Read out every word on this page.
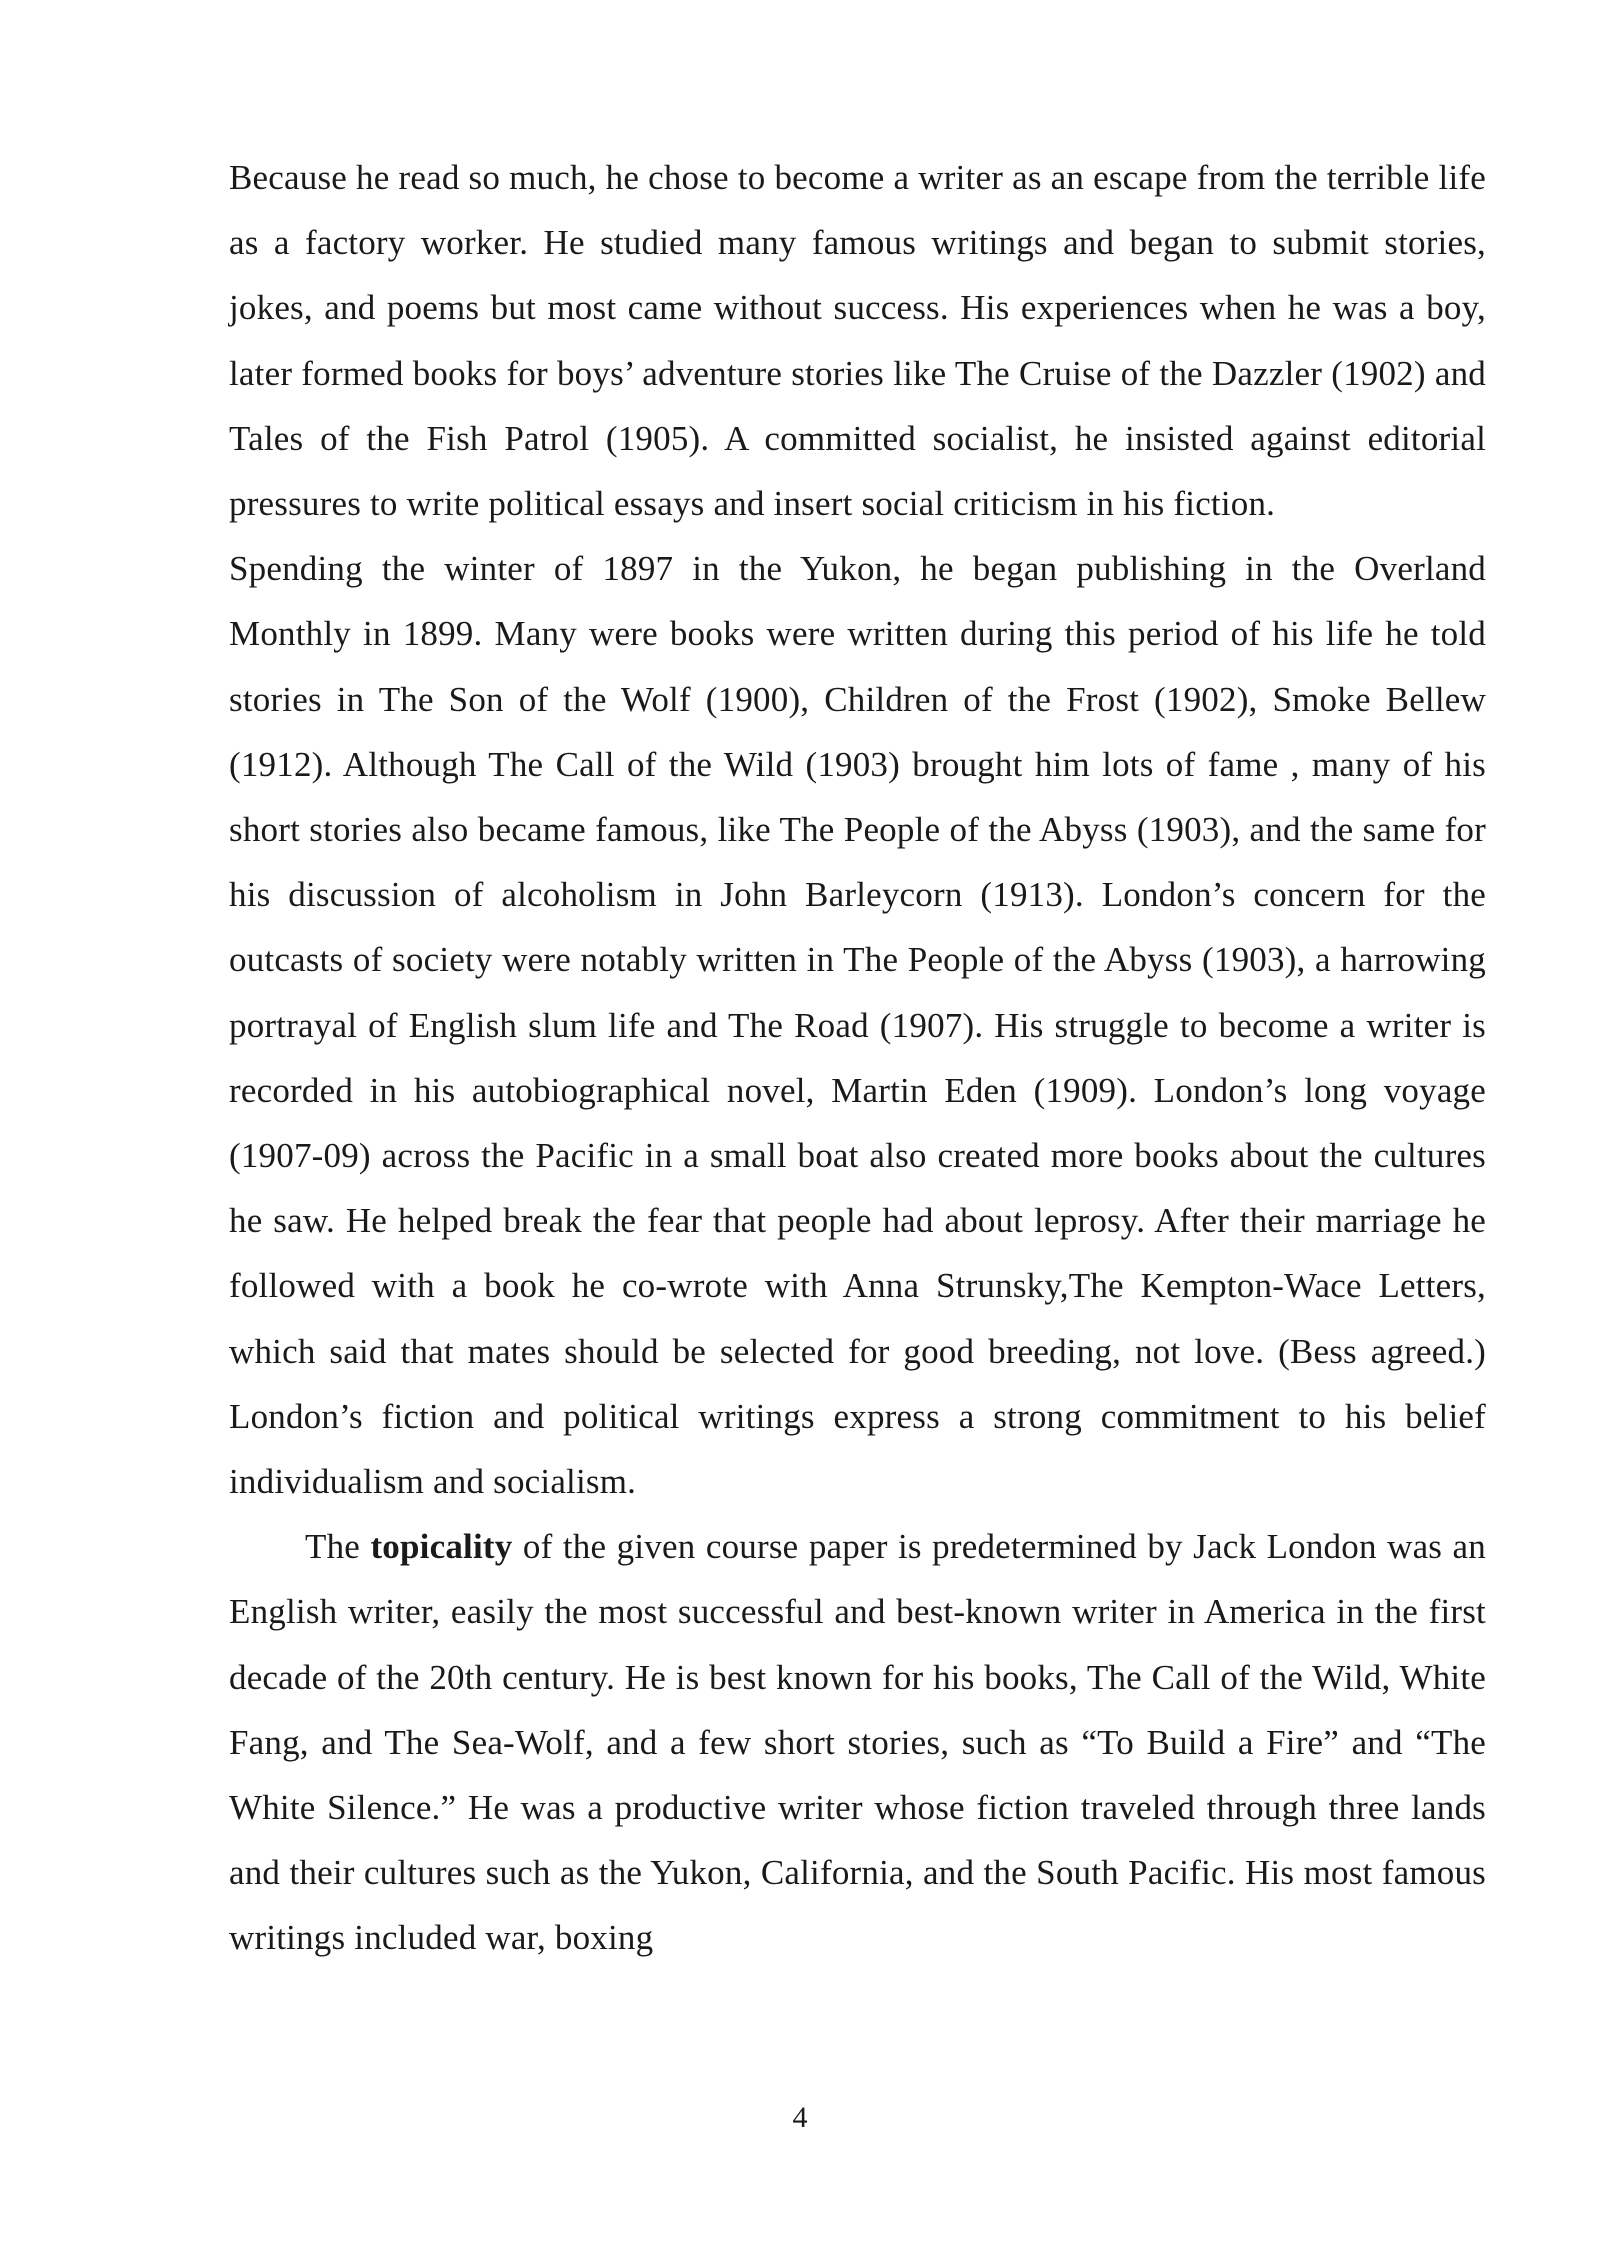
Because he read so much, he chose to become a writer as an escape from the terrible life as a factory worker. He studied many famous writings and began to submit stories, jokes, and poems but most came without success. His experiences when he was a boy, later formed books for boys’ adventure stories like The Cruise of the Dazzler (1902) and Tales of the Fish Patrol (1905). A committed socialist, he insisted against editorial pressures to write political essays and insert social criticism in his fiction.

Spending the winter of 1897 in the Yukon, he began publishing in the Overland Monthly in 1899. Many were books were written during this period of his life he told stories in The Son of the Wolf (1900), Children of the Frost (1902), Smoke Bellew (1912). Although The Call of the Wild (1903) brought him lots of fame , many of his short stories also became famous, like The People of the Abyss (1903), and the same for his discussion of alcoholism in John Barleycorn (1913). London’s concern for the outcasts of society were notably written in The People of the Abyss (1903), a harrowing portrayal of English slum life and The Road (1907). His struggle to become a writer is recorded in his autobiographical novel, Martin Eden (1909). London’s long voyage (1907-09) across the Pacific in a small boat also created more books about the cultures he saw. He helped break the fear that people had about leprosy. After their marriage he followed with a book he co-wrote with Anna Strunsky,The Kempton-Wace Letters, which said that mates should be selected for good breeding, not love. (Bess agreed.) London’s fiction and political writings express a strong commitment to his belief individualism and socialism.

The topicality of the given course paper is predetermined by Jack London was an English writer, easily the most successful and best-known writer in America in the first decade of the 20th century. He is best known for his books, The Call of the Wild, White Fang, and The Sea-Wolf, and a few short stories, such as “To Build a Fire” and “The White Silence.” He was a productive writer whose fiction traveled through three lands and their cultures such as the Yukon, California, and the South Pacific. His most famous writings included war, boxing

4
